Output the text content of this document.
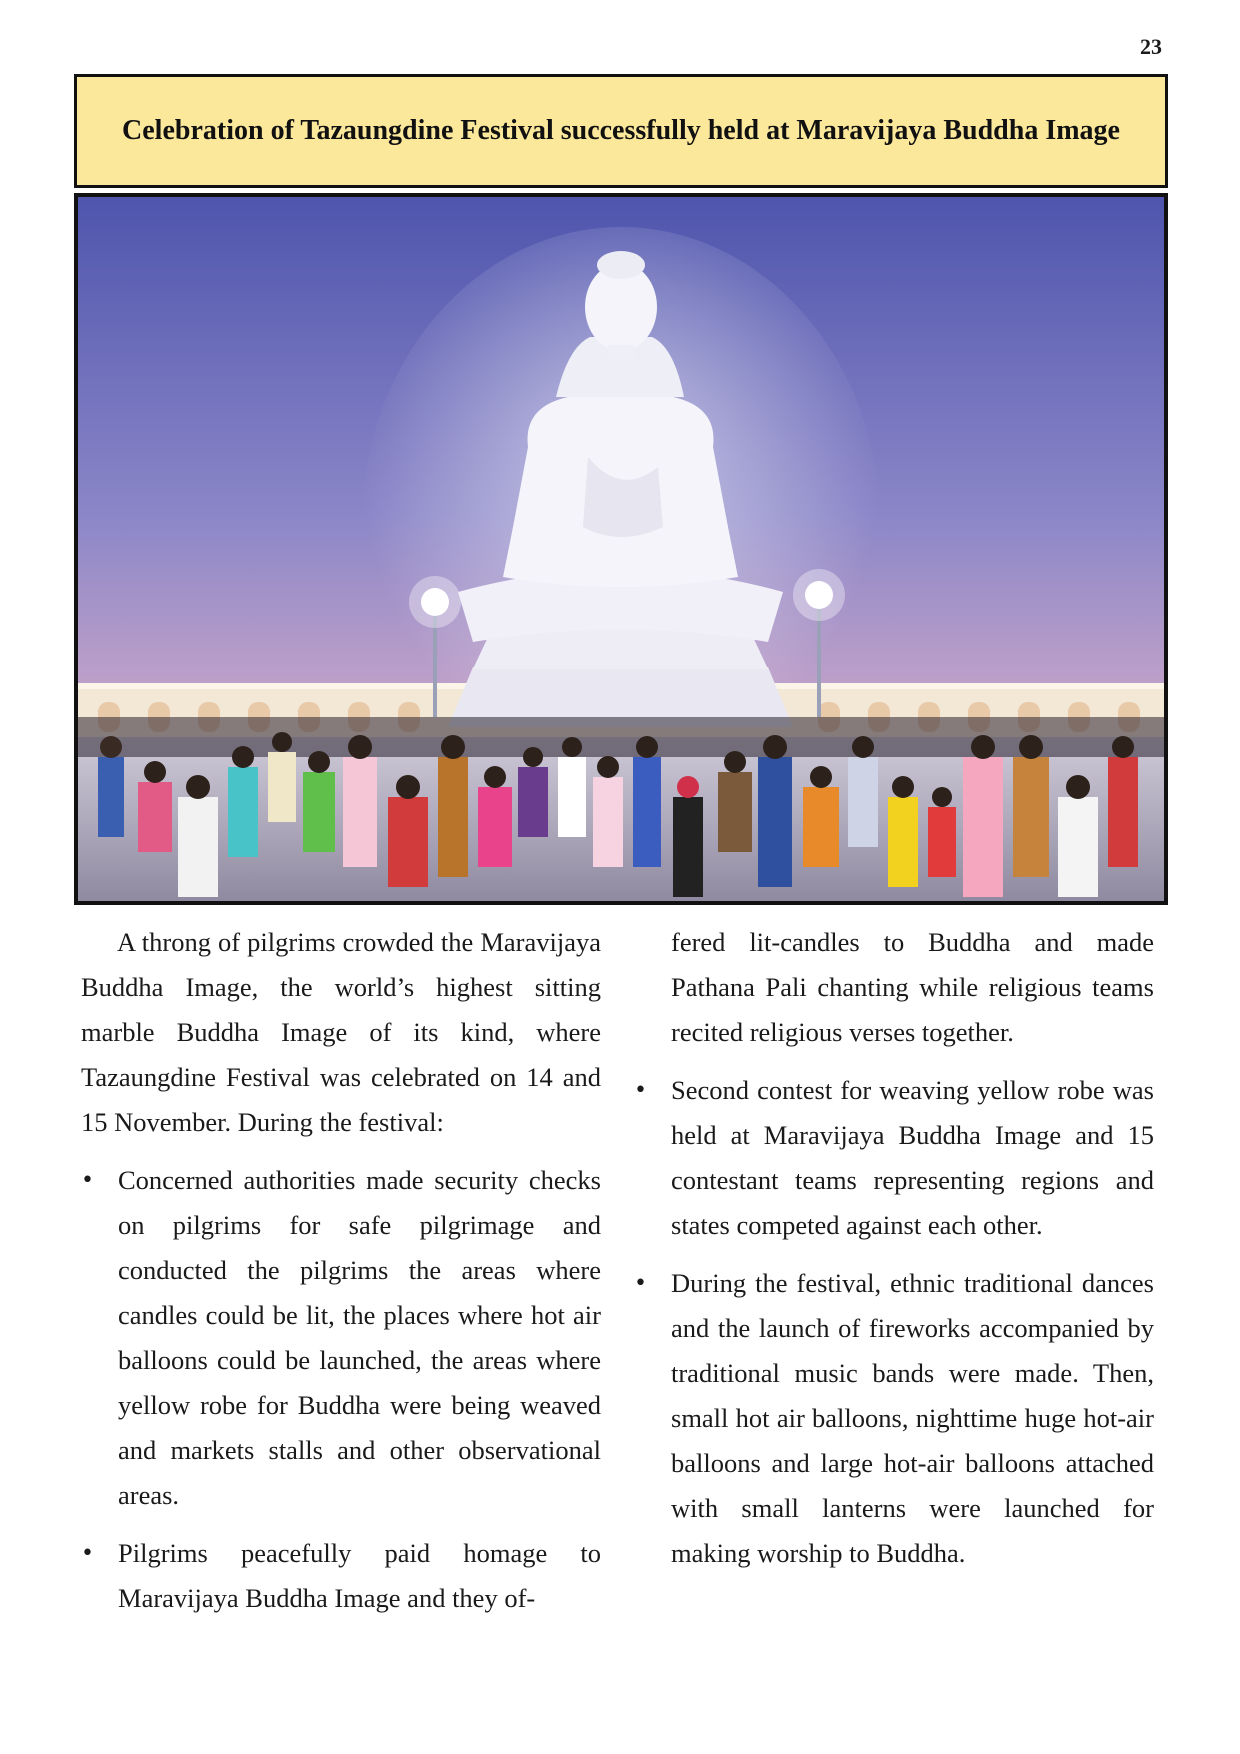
23
Celebration of Tazaungdine Festival successfully held at Maravijaya Buddha Image

A throng of pilgrims crowded the Maravijaya Buddha Image, the world’s highest sitting marble Buddha Image of its kind, where Tazaungdine Festival was celebrated on 14 and 15 November. During the festival:

• Concerned authorities made security checks on pilgrims for safe pilgrimage and conducted the pilgrims the areas where candles could be lit, the places where hot air balloons could be launched, the areas where yellow robe for Buddha were being weaved and markets stalls and other observational areas.
• Pilgrims peacefully paid homage to Maravijaya Buddha Image and they of-

fered lit-candles to Buddha and made Pathana Pali chanting while religious teams recited religious verses together.

• Second contest for weaving yellow robe was held at Maravijaya Buddha Image and 15 contestant teams representing regions and states competed against each other.
• During the festival, ethnic traditional dances and the launch of fireworks accompanied by traditional music bands were made. Then, small hot air balloons, nighttime huge hot-air balloons and large hot-air balloons attached with small lanterns were launched for making worship to Buddha.
